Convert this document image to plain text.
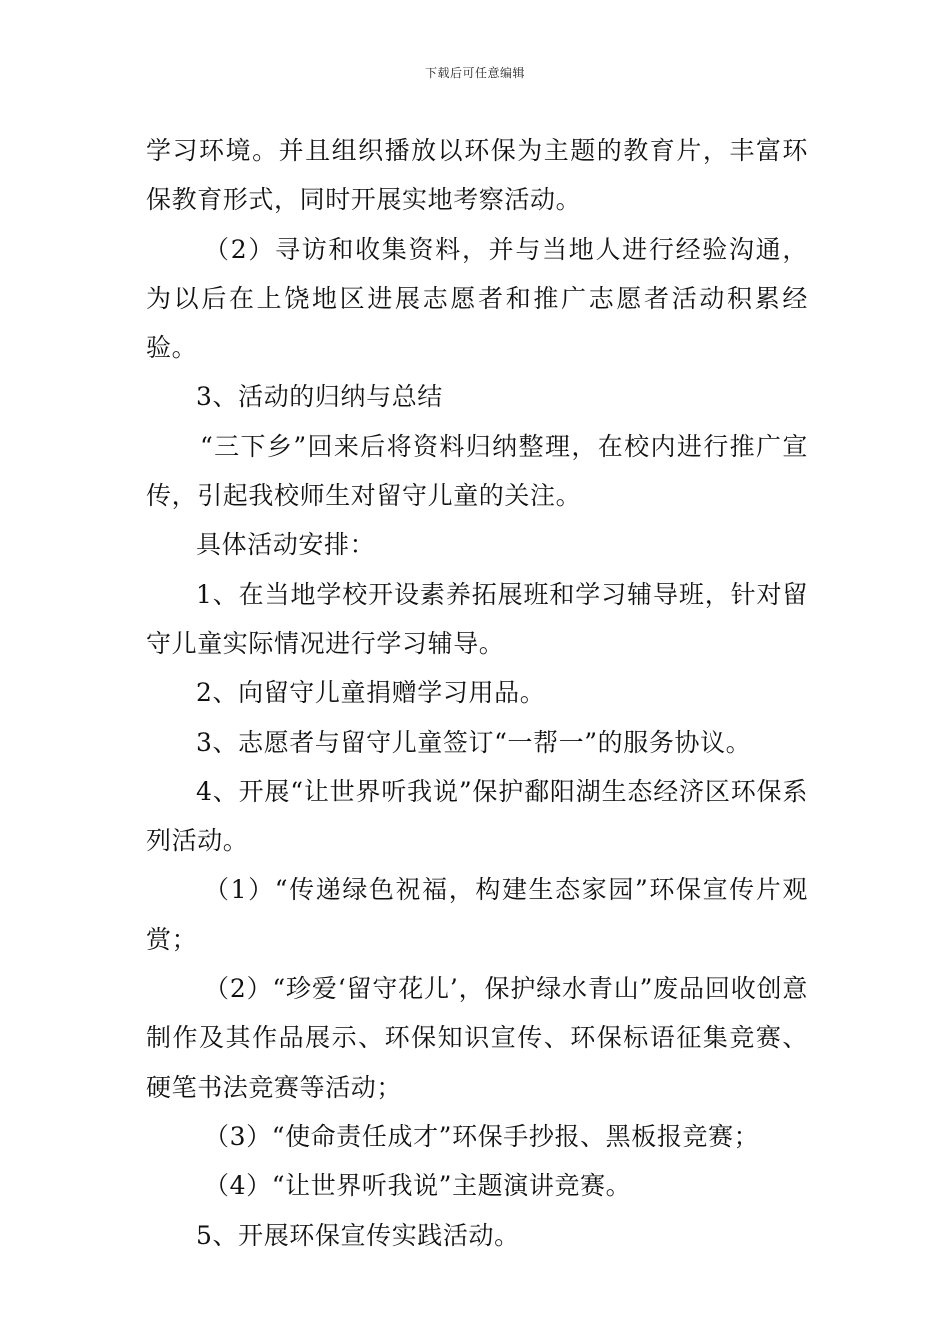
下载后可任意编辑

学习环境。并且组织播放以环保为主题的教育片，丰富环保教育形式，同时开展实地考察活动。

（2）寻访和收集资料，并与当地人进行经验沟通，为以后在上饶地区进展志愿者和推广志愿者活动积累经验。

3、活动的归纳与总结

“三下乡”回来后将资料归纳整理，在校内进行推广宣传，引起我校师生对留守儿童的关注。

具体活动安排：

1、在当地学校开设素养拓展班和学习辅导班，针对留守儿童实际情况进行学习辅导。

2、向留守儿童捐赠学习用品。

3、志愿者与留守儿童签订“一帮一”的服务协议。

4、开展“让世界听我说”保护鄱阳湖生态经济区环保系列活动。

（1）“传递绿色祝福，构建生态家园”环保宣传片观赏；

（2）“珍爱‘留守花儿’，保护绿水青山”废品回收创意制作及其作品展示、环保知识宣传、环保标语征集竞赛、硬笔书法竞赛等活动；

（3）“使命责任成才”环保手抄报、黑板报竞赛；

（4）“让世界听我说”主题演讲竞赛。

5、开展环保宣传实践活动。
